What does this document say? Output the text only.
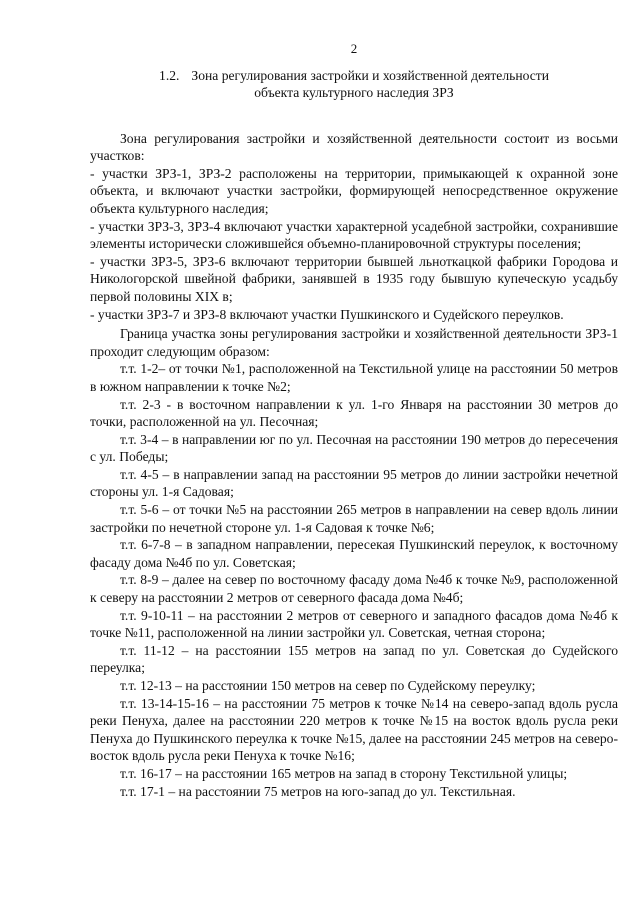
2
1.2. Зона регулирования застройки и хозяйственной деятельности
объекта культурного наследия ЗРЗ

Зона регулирования застройки и хозяйственной деятельности состоит из восьми участков:

- участки ЗРЗ-1, ЗРЗ-2 расположены на территории, примыкающей к охранной зоне объекта, и включают участки застройки, формирующей непосредственное окружение объекта культурного наследия;

- участки ЗРЗ-3, ЗРЗ-4 включают участки характерной усадебной застройки, сохранившие элементы исторически сложившейся объемно-планировочной структуры поселения;

- участки ЗРЗ-5, ЗРЗ-6 включают территории бывшей льноткацкой фабрики Городова и Никологорской швейной фабрики, занявшей в 1935 году бывшую купеческую усадьбу первой половины XIX в;

- участки ЗРЗ-7 и ЗРЗ-8 включают участки Пушкинского и Судейского переулков.

Граница участка зоны регулирования застройки и хозяйственной деятельности ЗРЗ-1 проходит следующим образом:

т.т. 1-2– от точки №1, расположенной на Текстильной улице на расстоянии 50 метров в южном направлении к точке №2;

т.т. 2-3 - в восточном направлении к ул. 1-го Января на расстоянии 30 метров до точки, расположенной на ул. Песочная;

т.т. 3-4 – в направлении юг по ул. Песочная на расстоянии 190 метров до пересечения с ул. Победы;

т.т. 4-5 – в направлении запад на расстоянии 95 метров до линии застройки нечетной стороны ул. 1-я Садовая;

т.т. 5-6 – от точки №5 на расстоянии 265 метров в направлении на север вдоль линии застройки по нечетной стороне ул. 1-я Садовая к точке №6;

т.т. 6-7-8 – в западном направлении, пересекая Пушкинский переулок, к восточному фасаду дома №4б по ул. Советская;

т.т. 8-9 – далее на север по восточному фасаду дома №4б к точке №9, расположенной к северу на расстоянии 2 метров от северного фасада дома №4б;

т.т. 9-10-11 – на расстоянии 2 метров от северного и западного фасадов дома №4б к точке №11, расположенной на линии застройки ул. Советская, четная сторона;

т.т. 11-12 – на расстоянии 155 метров на запад по ул. Советская до Судейского переулка;

т.т. 12-13 – на расстоянии 150 метров на север по Судейскому переулку;

т.т. 13-14-15-16 – на расстоянии 75 метров к точке №14 на северо-запад вдоль русла реки Пенуха, далее на расстоянии 220 метров к точке №15 на восток вдоль русла реки Пенуха до Пушкинского переулка к точке №15, далее на расстоянии 245 метров на северо-восток вдоль русла реки Пенуха к точке №16;

т.т. 16-17 – на расстоянии 165 метров на запад в сторону Текстильной улицы;

т.т. 17-1 – на расстоянии 75 метров на юго-запад до ул. Текстильная.
